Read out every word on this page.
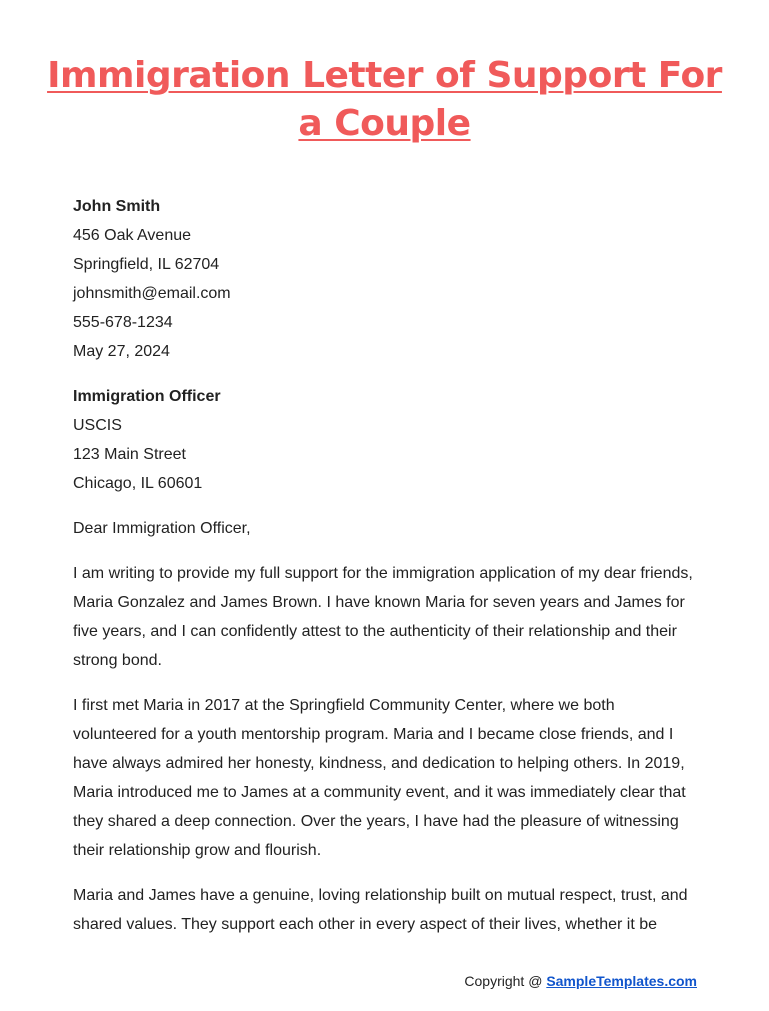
Immigration Letter of Support For
a Couple
John Smith
456 Oak Avenue
Springfield, IL 62704
johnsmith@email.com
555-678-1234
May 27, 2024
Immigration Officer
USCIS
123 Main Street
Chicago, IL 60601

Dear Immigration Officer,

I am writing to provide my full support for the immigration application of my dear friends, Maria Gonzalez and James Brown. I have known Maria for seven years and James for five years, and I can confidently attest to the authenticity of their relationship and their strong bond.

I first met Maria in 2017 at the Springfield Community Center, where we both volunteered for a youth mentorship program. Maria and I became close friends, and I have always admired her honesty, kindness, and dedication to helping others. In 2019, Maria introduced me to James at a community event, and it was immediately clear that they shared a deep connection. Over the years, I have had the pleasure of witnessing their relationship grow and flourish.

Maria and James have a genuine, loving relationship built on mutual respect, trust, and shared values. They support each other in every aspect of their lives, whether it be

Copyright @ SampleTemplates.com
